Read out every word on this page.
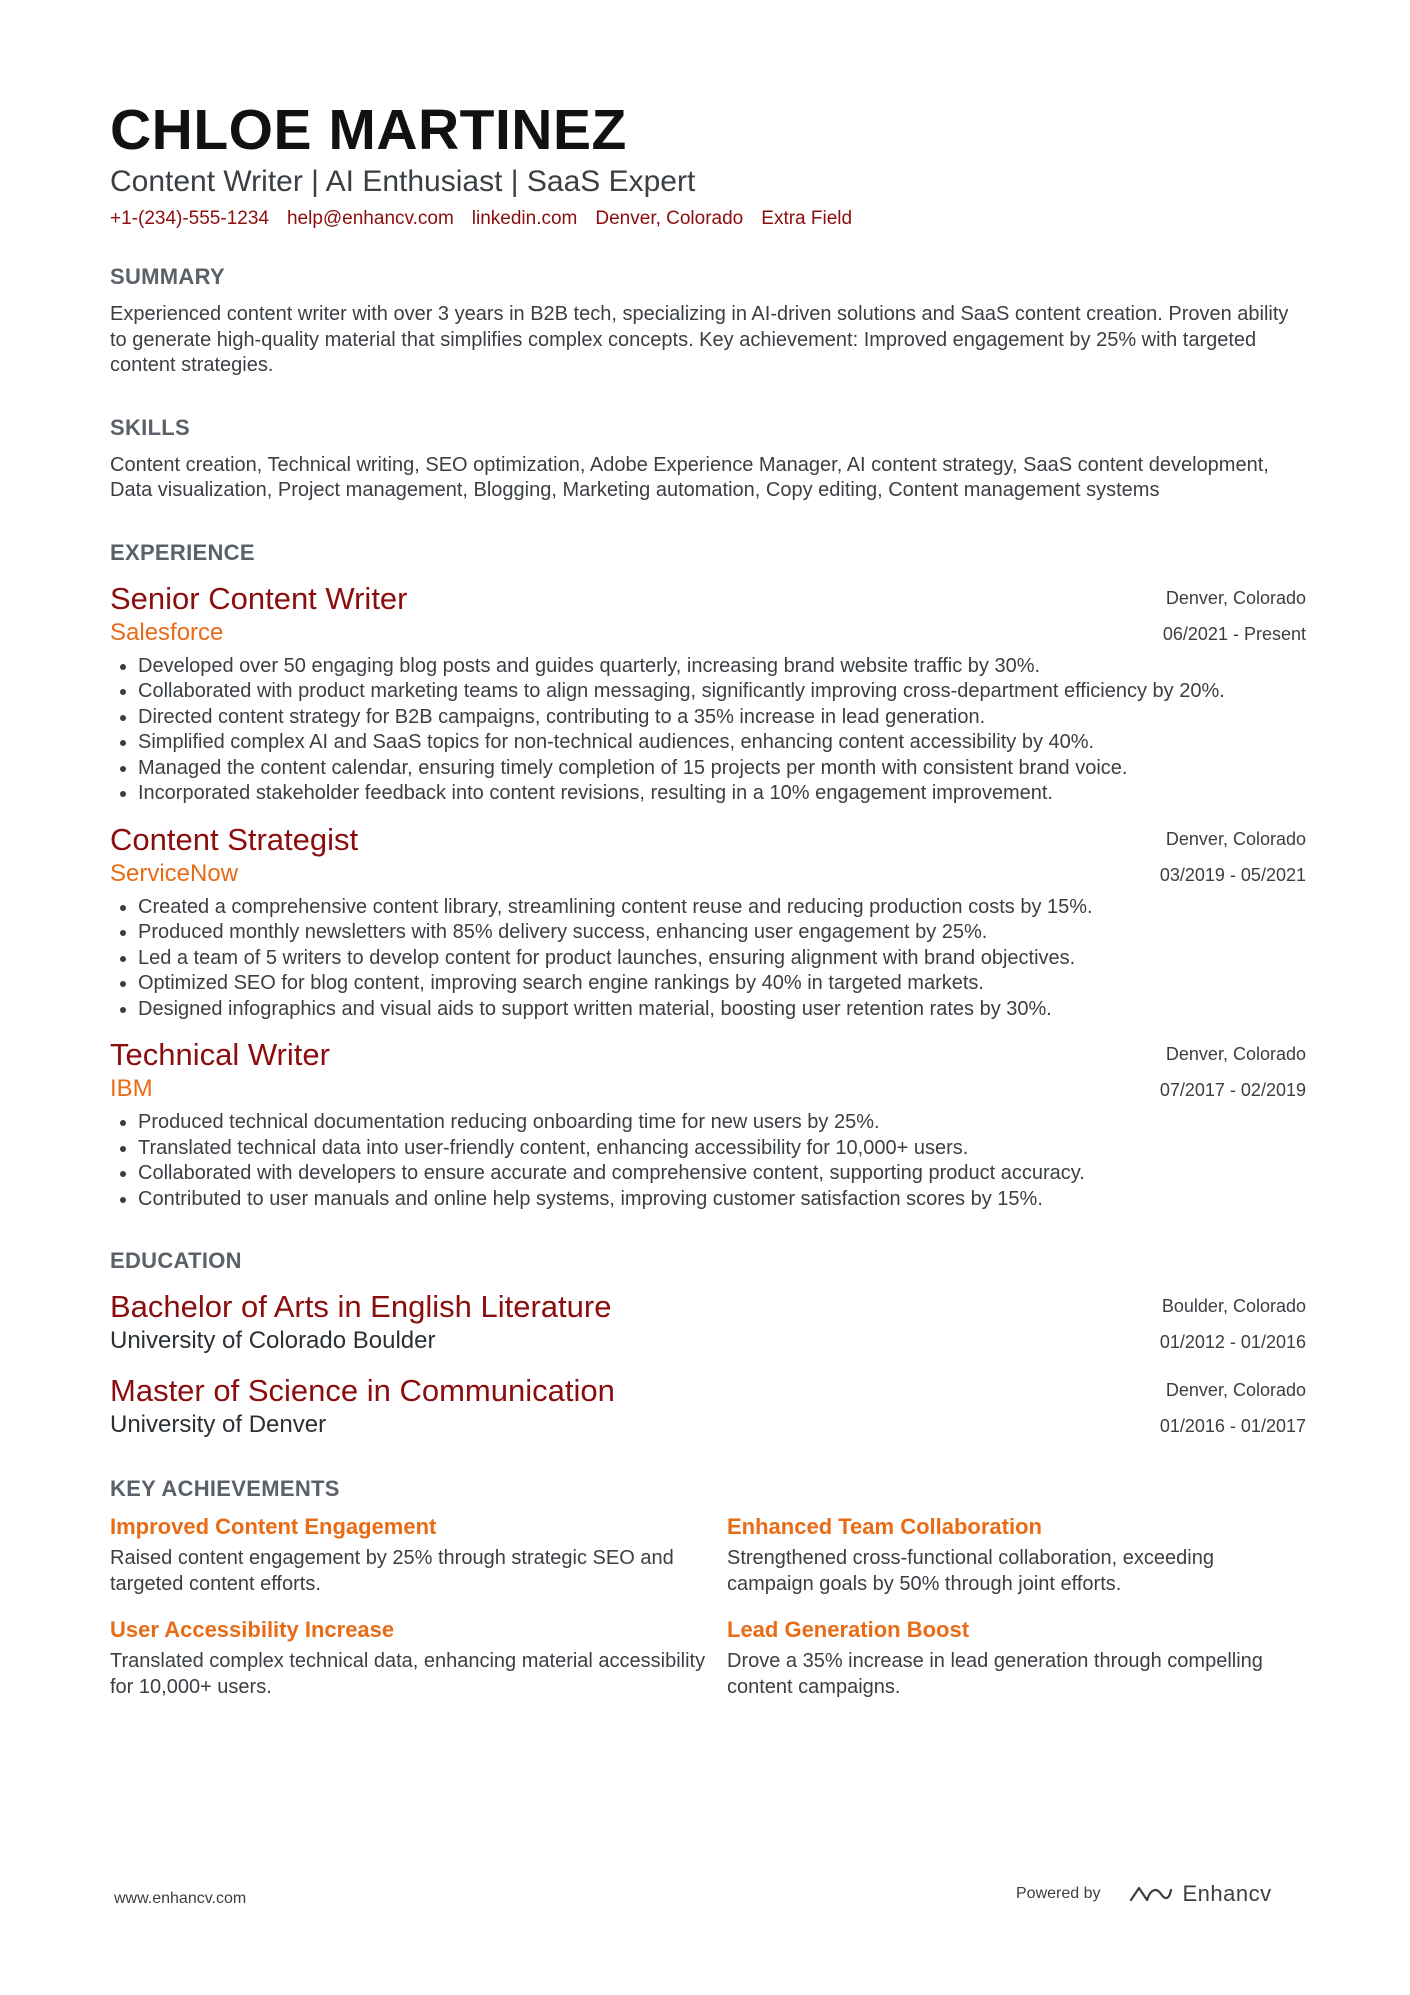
CHLOE MARTINEZ
Content Writer | AI Enthusiast | SaaS Expert
+1-(234)-555-1234 help@enhancv.com linkedin.com Denver, Colorado Extra Field
SUMMARY
Experienced content writer with over 3 years in B2B tech, specializing in AI-driven solutions and SaaS content creation. Proven ability to generate high-quality material that simplifies complex concepts. Key achievement: Improved engagement by 25% with targeted content strategies.
SKILLS
Content creation, Technical writing, SEO optimization, Adobe Experience Manager, AI content strategy, SaaS content development, Data visualization, Project management, Blogging, Marketing automation, Copy editing, Content management systems
EXPERIENCE
Senior Content Writer
Salesforce
Denver, Colorado
06/2021 - Present
• Developed over 50 engaging blog posts and guides quarterly, increasing brand website traffic by 30%.
• Collaborated with product marketing teams to align messaging, significantly improving cross-department efficiency by 20%.
• Directed content strategy for B2B campaigns, contributing to a 35% increase in lead generation.
• Simplified complex AI and SaaS topics for non-technical audiences, enhancing content accessibility by 40%.
• Managed the content calendar, ensuring timely completion of 15 projects per month with consistent brand voice.
• Incorporated stakeholder feedback into content revisions, resulting in a 10% engagement improvement.
Content Strategist
ServiceNow
Denver, Colorado
03/2019 - 05/2021
• Created a comprehensive content library, streamlining content reuse and reducing production costs by 15%.
• Produced monthly newsletters with 85% delivery success, enhancing user engagement by 25%.
• Led a team of 5 writers to develop content for product launches, ensuring alignment with brand objectives.
• Optimized SEO for blog content, improving search engine rankings by 40% in targeted markets.
• Designed infographics and visual aids to support written material, boosting user retention rates by 30%.
Technical Writer
IBM
Denver, Colorado
07/2017 - 02/2019
• Produced technical documentation reducing onboarding time for new users by 25%.
• Translated technical data into user-friendly content, enhancing accessibility for 10,000+ users.
• Collaborated with developers to ensure accurate and comprehensive content, supporting product accuracy.
• Contributed to user manuals and online help systems, improving customer satisfaction scores by 15%.
EDUCATION
Bachelor of Arts in English Literature
University of Colorado Boulder
Boulder, Colorado
01/2012 - 01/2016
Master of Science in Communication
University of Denver
Denver, Colorado
01/2016 - 01/2017
KEY ACHIEVEMENTS
Improved Content Engagement
Raised content engagement by 25% through strategic SEO and targeted content efforts.
Enhanced Team Collaboration
Strengthened cross-functional collaboration, exceeding campaign goals by 50% through joint efforts.
User Accessibility Increase
Translated complex technical data, enhancing material accessibility for 10,000+ users.
Lead Generation Boost
Drove a 35% increase in lead generation through compelling content campaigns.
www.enhancv.com	Powered by	Enhancv
